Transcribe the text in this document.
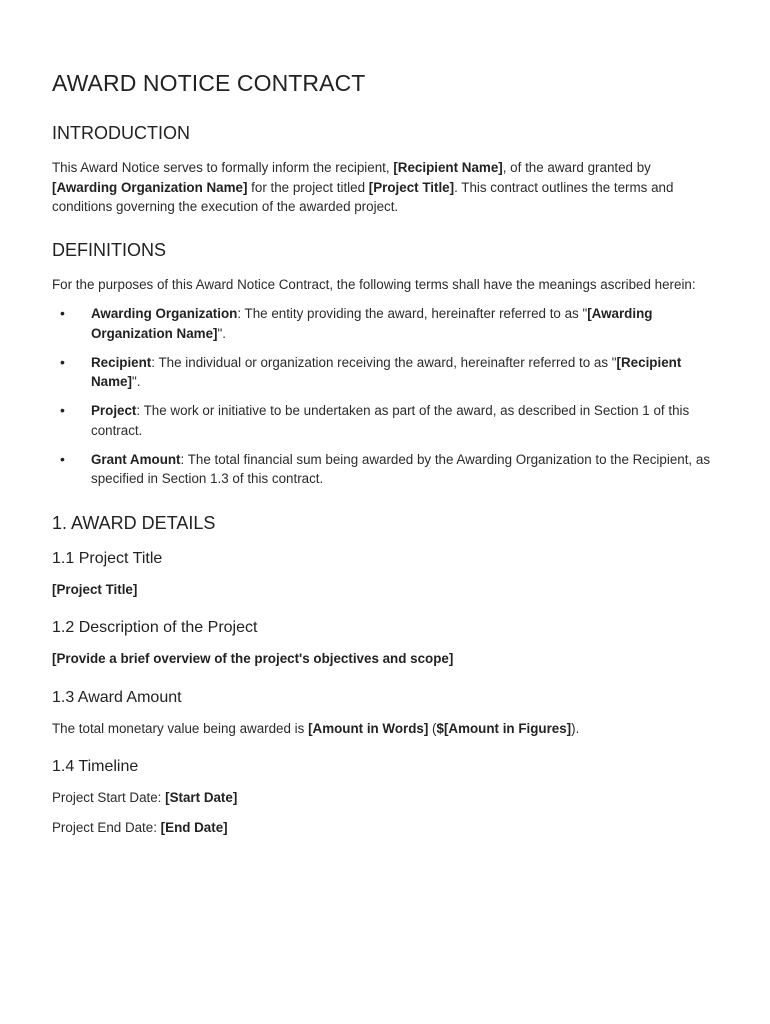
AWARD NOTICE CONTRACT
INTRODUCTION

This Award Notice serves to formally inform the recipient, [Recipient Name], of the award granted by [Awarding Organization Name] for the project titled [Project Title]. This contract outlines the terms and conditions governing the execution of the awarded project.

DEFINITIONS

For the purposes of this Award Notice Contract, the following terms shall have the meanings ascribed herein:

• Awarding Organization: The entity providing the award, hereinafter referred to as "[Awarding Organization Name]".
• Recipient: The individual or organization receiving the award, hereinafter referred to as "[Recipient Name]".
• Project: The work or initiative to be undertaken as part of the award, as described in Section 1 of this contract.
• Grant Amount: The total financial sum being awarded by the Awarding Organization to the Recipient, as specified in Section 1.3 of this contract.
1. AWARD DETAILS
1.1 Project Title

[Project Title]

1.2 Description of the Project

[Provide a brief overview of the project's objectives and scope]

1.3 Award Amount

The total monetary value being awarded is [Amount in Words] ($[Amount in Figures]).

1.4 Timeline

Project Start Date: [Start Date]

Project End Date: [End Date]
